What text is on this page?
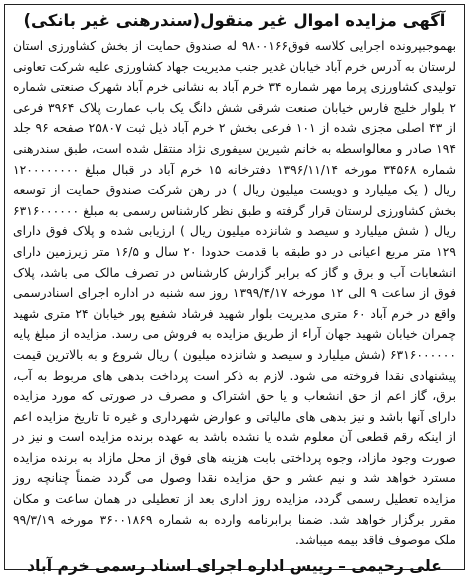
آگهی مزایده اموال غیر منقول(سندرهنی غیر بانکی)

بهموجبپرونده اجرایی کلاسه فوق۹۸۰۰۱۶۶ له صندوق حمایت از بخش کشاورزی استان لرستان به آدرس خرم آباد خیابان غدیر جنب مدیریت جهاد کشاورزی علیه شرکت تعاونی تولیدی کشاورزی پرما مهر شماره ۳۴ خرم آباد به نشانی خرم آباد شهرک صنعتی شماره ۲ بلوار خلیج فارس خیابان صنعت شرقی شش دانگ یک باب عمارت پلاک ۳۹۶۴ فرعی از ۴۳ اصلی مجزی شده از ۱۰۱ فرعی بخش ۲ خرم آباد ذیل ثبت ۲۵۸۰۷ صفحه ۹۶ جلد ۱۹۴ صادر و معالواسطه به خانم شیرین سیفوری نژاد منتقل شده است، طبق سندرهنی شماره ۳۴۵۶۸ مورخه ۱۳۹۶/۱۱/۱۴ دفترخانه ۱۵ خرم آباد در قبال مبلغ ۱۲۰۰۰۰۰۰۰۰ ریال ( یک میلیارد و دویست میلیون ریال ) در رهن شرکت صندوق حمایت از توسعه بخش کشاورزی لرستان قرار گرفته و طبق نظر کارشناس رسمی به مبلغ ۶۳۱۶۰۰۰۰۰۰ ریال ( شش میلیارد و سیصد و شانزده میلیون ریال ) ارزیابی شده و پلاک فوق دارای ۱۲۹ متر مربع اعیانی در دو طبقه با قدمت حدودا ۲۰ سال و ۱۶/۵ متر زیرزمین دارای انشعابات آب و برق و گاز که برابر گزارش کارشناس در تصرف مالک می باشد، پلاک فوق از ساعت ۹ الی ۱۲ مورخه ۱۳۹۹/۴/۱۷ روز سه شنبه در اداره اجرای اسنادرسمی واقع در خرم آباد ۶۰ متری مدیریت بلوار شهید فرشاد شفیع پور خیابان ۲۴ متری شهید چمران خیابان شهید جهان آراء از طریق مزایده به فروش می رسد. مزایده از مبلغ پایه ۶۳۱۶۰۰۰۰۰۰ (شش میلیارد و سیصد و شانزده میلیون ) ریال شروع و به بالاترین قیمت پیشنهادی نقدا فروخته می شود. لازم به ذکر است پرداخت بدهی های مربوط به آب، برق، گاز اعم از حق انشعاب و یا حق اشتراک و مصرف در صورتی که مورد مزایده دارای آنها باشد و نیز بدهی های مالیاتی و عوارض شهرداری و غیره تا تاریخ مزایده اعم از اینکه رقم قطعی آن معلوم شده یا نشده باشد به عهده برنده مزایده است و نیز در صورت وجود مازاد، وجوه پرداختی بابت هزینه های فوق از محل مازاد به برنده مزایده مسترد خواهد شد و نیم عشر و حق مزایده نقدا وصول می گردد ضمناً چنانچه روز مزایده تعطیل رسمی گردد، مزایده روز اداری بعد از تعطیلی در همان ساعت و مکان مقرر برگزار خواهد شد. ضمنا برابرنامه وارده به شماره ۳۶۰۰۱۸۶۹ مورخه ۹۹/۳/۱۹ ملک موصوف فاقد بیمه میباشد.

علی رحیمی – رییس اداره اجرای اسناد رسمی خرم آباد
